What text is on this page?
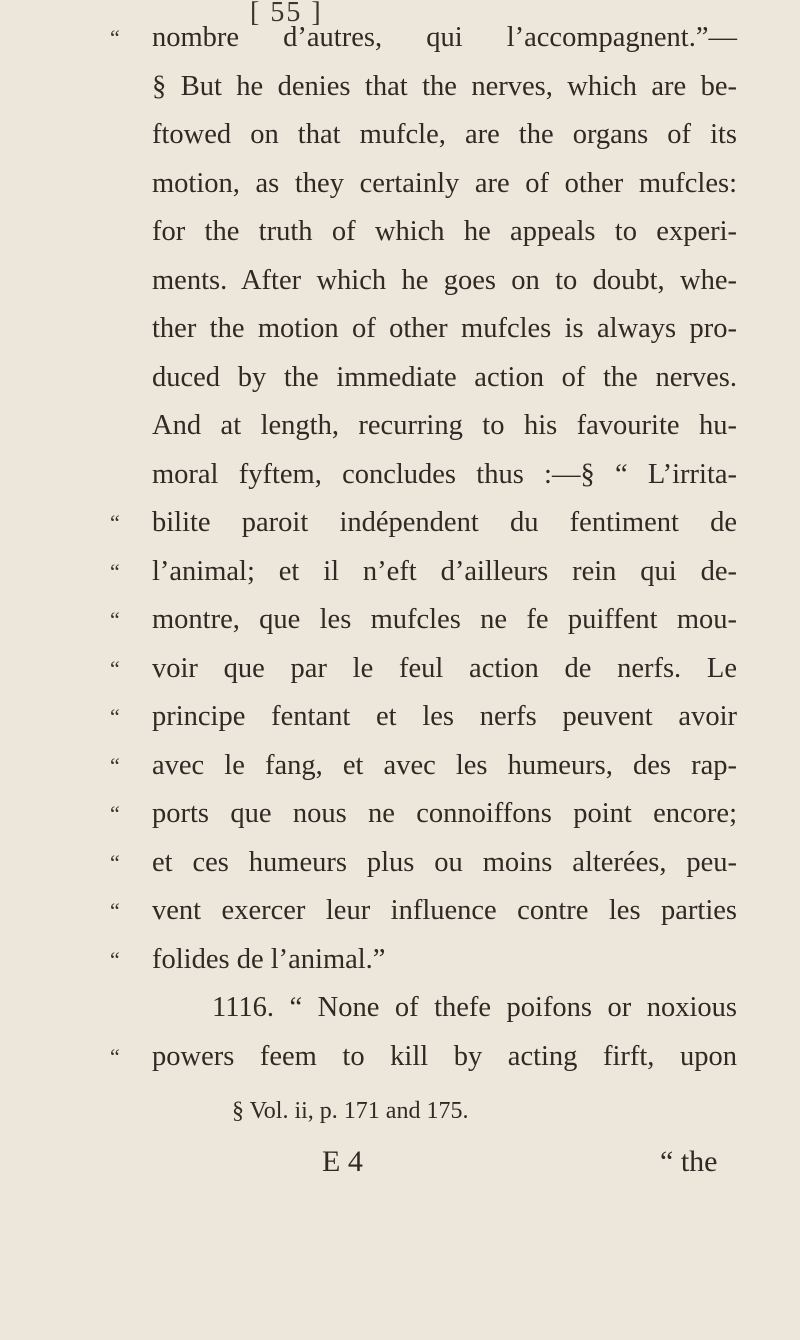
[ 55 ]
“ nombre d’autres, qui l’accompagnent.”—
§ But he denies that the nerves, which are be-
ftowed on that mufcle, are the organs of its
motion, as they certainly are of other mufcles:
for the truth of which he appeals to experi-
ments. After which he goes on to doubt, whe-
ther the motion of other mufcles is always pro-
duced by the immediate action of the nerves.
And at length, recurring to his favourite hu-
moral fyftem, concludes thus :—§ “ L’irrita-
“ bilite paroit indépendent du fentiment de
“ l’animal; et il n’eft d’ailleurs rein qui de-
“ montre, que les mufcles ne fe puiffent mou-
“ voir que par le feul action de nerfs. Le
“ principe fentant et les nerfs peuvent avoir
“ avec le fang, et avec les humeurs, des rap-
“ ports que nous ne connoiffons point encore;
“ et ces humeurs plus ou moins alterées, peu-
“ vent exercer leur influence contre les parties
“ folides de l’animal.”
1116. “ None of thefe poifons or noxious
“ powers feem to kill by acting firft, upon
§ Vol. ii, p. 171 and 175.
E 4	“ the
